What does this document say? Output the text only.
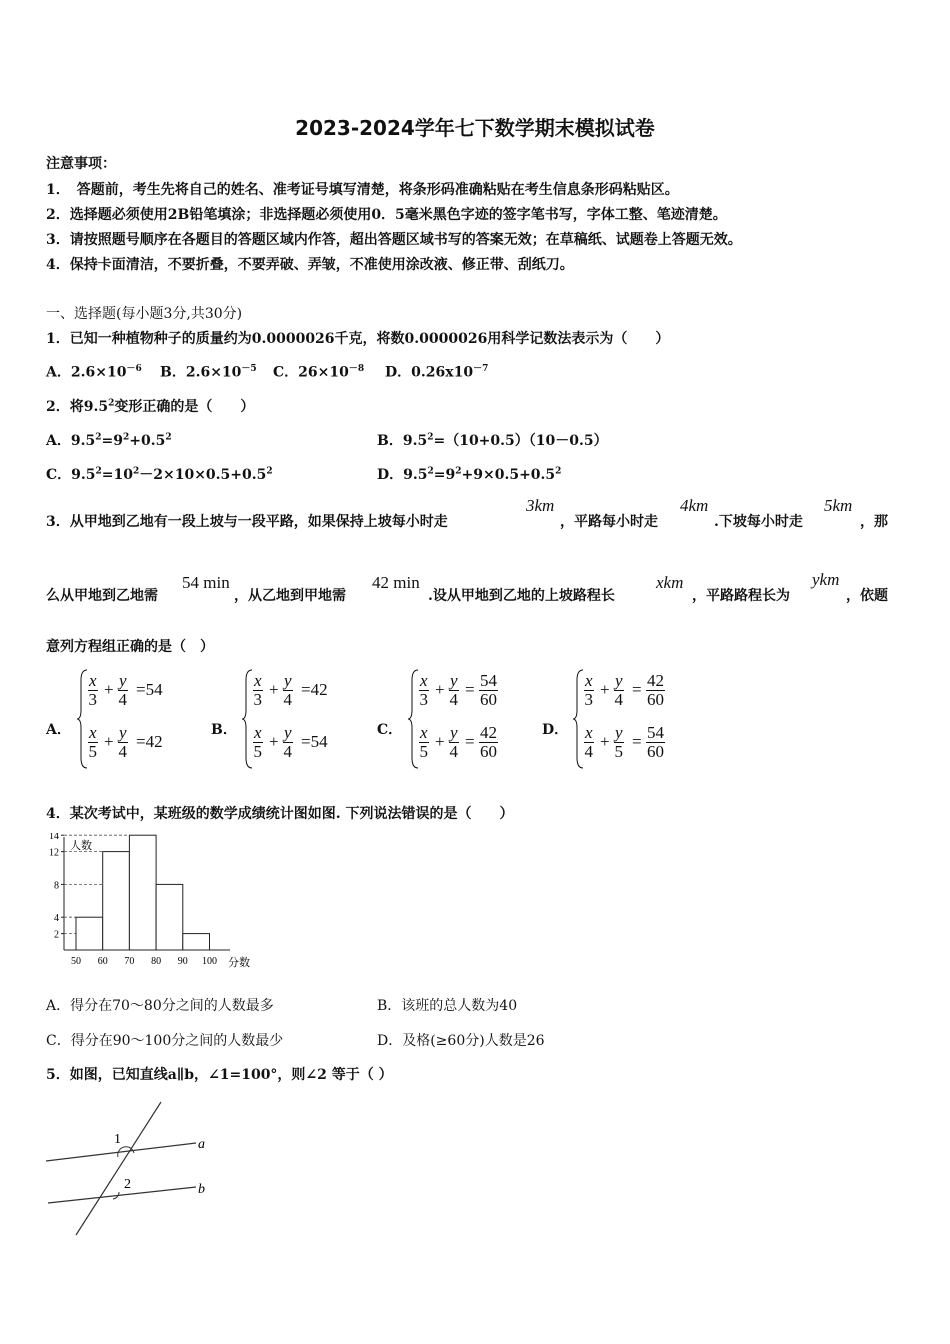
2023-2024学年七下数学期末模拟试卷
注意事项：
1．　答题前，考生先将自己的姓名、准考证号填写清楚，将条形码准确粘贴在考生信息条形码粘贴区。
2．选择题必须使用2B铅笔填涂；非选择题必须使用0．5毫米黑色字迹的签字笔书写，字体工整、笔迹清楚。
3．请按照题号顺序在各题目的答题区域内作答，超出答题区域书写的答案无效；在草稿纸、试题卷上答题无效。
4．保持卡面清洁，不要折叠，不要弄破、弄皱，不准使用涂改液、修正带、刮纸刀。
一、选择题(每小题3分,共30分)
1．已知一种植物种子的质量约为0.0000026千克，将数0.0000026用科学记数法表示为（　　）
A．$2.6\times 10^{-6}$ B．$2.6\times 10^{-5}$ C．$26\times 10^{-8}$ D．$0.26x10^{-7}$
2．将$9.5^2$变形正确的是（　　）
A．$9.5^2=9^2+0.5^2$	B．$9.5^2=(10+0.5)(10-0.5)$
C．$9.5^2=10^2-2\times 10\times 0.5+0.5^2$	D．$9.5^2=9^2+9\times 0.5+0.5^2$
3．从甲地到乙地有一段上坡与一段平路，如果保持上坡每小时走
3km
，平路每小时走
4km
.下坡每小时走
5km
，那
么从甲地到乙地需
54 min
，从乙地到甲地需
42 min
.设从甲地到乙地的上坡路程长
xkm
，平路路程长为
ykm
，依题
意列方程组正确的是（　）
A．
$\frac{x}{3} + \frac{y}{4} =54$
$\frac{x}{5} + \frac{y}{4} =42$
B．
$\frac{x}{3} + \frac{y}{4} =42$
$\frac{x}{5} + \frac{y}{4} =54$
C．
$\frac{x}{3} + \frac{y}{4} = \frac{54}{60}$
$\frac{x}{5} + \frac{y}{4} = \frac{42}{60}$	D．
$\frac{x}{3} + \frac{y}{4} = \frac{42}{60}$
$\frac{x}{4} + \frac{y}{5} = \frac{54}{60}$
4．某次考试中，某班级的数学成绩统计图如图. 下列说法错误的是（　　）
2
4
8
12
14
50 60 70 80 90 100
人数
分数
A．得分在70～80分之间的人数最多	B．该班的总人数为40
C．得分在90～100分之间的人数最少	D．及格(≥60分)人数是26
5．如图，已知直线a∥b，∠1=100°，则∠2 等于（ ）
1
2
a
b
